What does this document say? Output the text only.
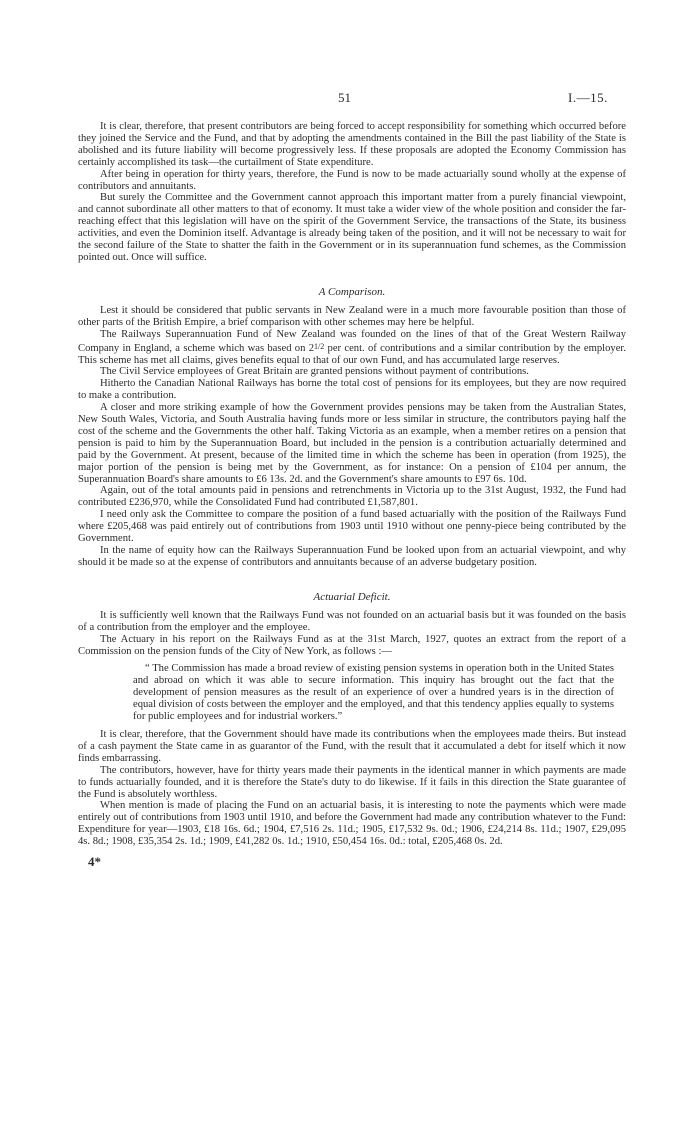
51	I.—15.

It is clear, therefore, that present contributors are being forced to accept responsibility for something which occurred before they joined the Service and the Fund, and that by adopting the amendments contained in the Bill the past liability of the State is abolished and its future liability will become progressively less. If these proposals are adopted the Economy Commission has certainly accomplished its task—the curtailment of State expenditure.

After being in operation for thirty years, therefore, the Fund is now to be made actuarially sound wholly at the expense of contributors and annuitants.

But surely the Committee and the Government cannot approach this important matter from a purely financial viewpoint, and cannot subordinate all other matters to that of economy. It must take a wider view of the whole position and consider the far-reaching effect that this legislation will have on the spirit of the Government Service, the transactions of the State, its business activities, and even the Dominion itself. Advantage is already being taken of the position, and it will not be necessary to wait for the second failure of the State to shatter the faith in the Government or in its superannuation fund schemes, as the Commission pointed out. Once will suffice.

A Comparison.

Lest it should be considered that public servants in New Zealand were in a much more favourable position than those of other parts of the British Empire, a brief comparison with other schemes may here be helpful.

The Railways Superannuation Fund of New Zealand was founded on the lines of that of the Great Western Railway Company in England, a scheme which was based on 21/2 per cent. of contributions and a similar contribution by the employer. This scheme has met all claims, gives benefits equal to that of our own Fund, and has accumulated large reserves.

The Civil Service employees of Great Britain are granted pensions without payment of contributions.

Hitherto the Canadian National Railways has borne the total cost of pensions for its employees, but they are now required to make a contribution.

A closer and more striking example of how the Government provides pensions may be taken from the Australian States, New South Wales, Victoria, and South Australia having funds more or less similar in structure, the contributors paying half the cost of the scheme and the Governments the other half. Taking Victoria as an example, when a member retires on a pension that pension is paid to him by the Superannuation Board, but included in the pension is a contribution actuarially determined and paid by the Government. At present, because of the limited time in which the scheme has been in operation (from 1925), the major portion of the pension is being met by the Government, as for instance: On a pension of £104 per annum, the Superannuation Board's share amounts to £6 13s. 2d. and the Government's share amounts to £97 6s. 10d.

Again, out of the total amounts paid in pensions and retrenchments in Victoria up to the 31st August, 1932, the Fund had contributed £236,970, while the Consolidated Fund had contributed £1,587,801.

I need only ask the Committee to compare the position of a fund based actuarially with the position of the Railways Fund where £205,468 was paid entirely out of contributions from 1903 until 1910 without one penny-piece being contributed by the Government.

In the name of equity how can the Railways Superannuation Fund be looked upon from an actuarial viewpoint, and why should it be made so at the expense of contributors and annuitants because of an adverse budgetary position.

Actuarial Deficit.

It is sufficiently well known that the Railways Fund was not founded on an actuarial basis but it was founded on the basis of a contribution from the employer and the employee.

The Actuary in his report on the Railways Fund as at the 31st March, 1927, quotes an extract from the report of a Commission on the pension funds of the City of New York, as follows :—

“ The Commission has made a broad review of existing pension systems in operation both in the United States and abroad on which it was able to secure information. This inquiry has brought out the fact that the development of pension measures as the result of an experience of over a hundred years is in the direction of equal division of costs between the employer and the employed, and that this tendency applies equally to systems for public employees and for industrial workers.”

It is clear, therefore, that the Government should have made its contributions when the employees made theirs. But instead of a cash payment the State came in as guarantor of the Fund, with the result that it accumulated a debt for itself which it now finds embarrassing.

The contributors, however, have for thirty years made their payments in the identical manner in which payments are made to funds actuarially founded, and it is therefore the State's duty to do likewise. If it fails in this direction the State guarantee of the Fund is absolutely worthless.

When mention is made of placing the Fund on an actuarial basis, it is interesting to note the payments which were made entirely out of contributions from 1903 until 1910, and before the Government had made any contribution whatever to the Fund: Expenditure for year—1903, £18 16s. 6d.; 1904, £7,516 2s. 11d.; 1905, £17,532 9s. 0d.; 1906, £24,214 8s. 11d.; 1907, £29,095 4s. 8d.; 1908, £35,354 2s. 1d.; 1909, £41,282 0s. 1d.; 1910, £50,454 16s. 0d.: total, £205,468 0s. 2d.

4*
